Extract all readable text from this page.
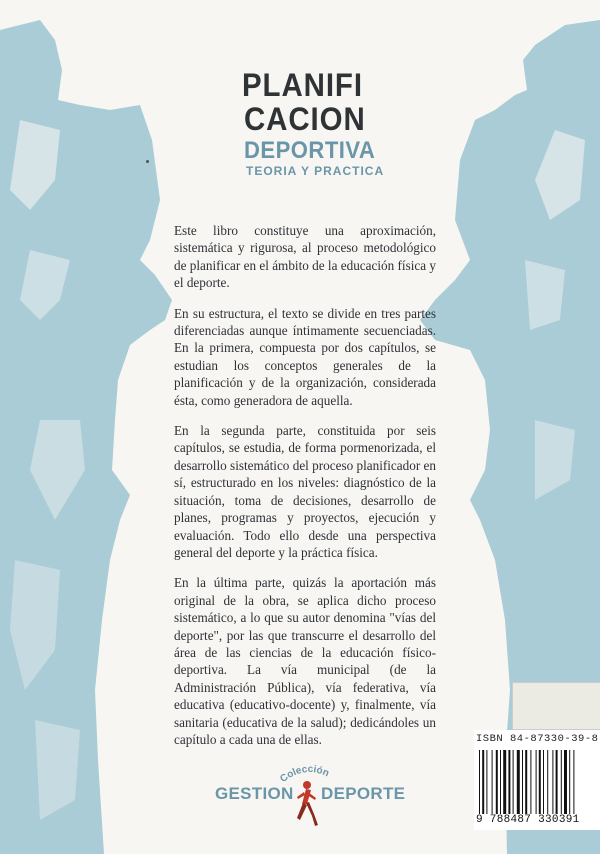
PLANIFI
CACION
DEPORTIVA
TEORIA Y PRACTICA

Este libro constituye una aproximación, sistemática y rigurosa, al proceso metodológico de planificar en el ámbito de la educación física y el deporte.

En su estructura, el texto se divide en tres partes diferenciadas aunque íntimamente secuenciadas. En la primera, compuesta por dos capítulos, se estudian los conceptos generales de la planificación y de la organización, considerada ésta, como generadora de aquella.

En la segunda parte, constituida por seis capítulos, se estudia, de forma pormenorizada, el desarrollo sistemático del proceso planificador en sí, estructurado en los niveles: diagnóstico de la situación, toma de decisiones, desarrollo de planes, programas y proyectos, ejecución y evaluación. Todo ello desde una perspectiva general del deporte y la práctica física.

En la última parte, quizás la aportación más original de la obra, se aplica dicho proceso sistemático, a lo que su autor denomina "vías del deporte", por las que transcurre el desarrollo del área de las ciencias de la educación físico-deportiva. La vía municipal (de la Administración Pública), vía federativa, vía educativa (educativo-docente) y, finalmente, vía sanitaria (educativa de la salud); dedicándoles un capítulo a cada una de ellas.	ISBN 84-87330-39-8
9 788487 330391
Colección
GESTION DEPORTE
